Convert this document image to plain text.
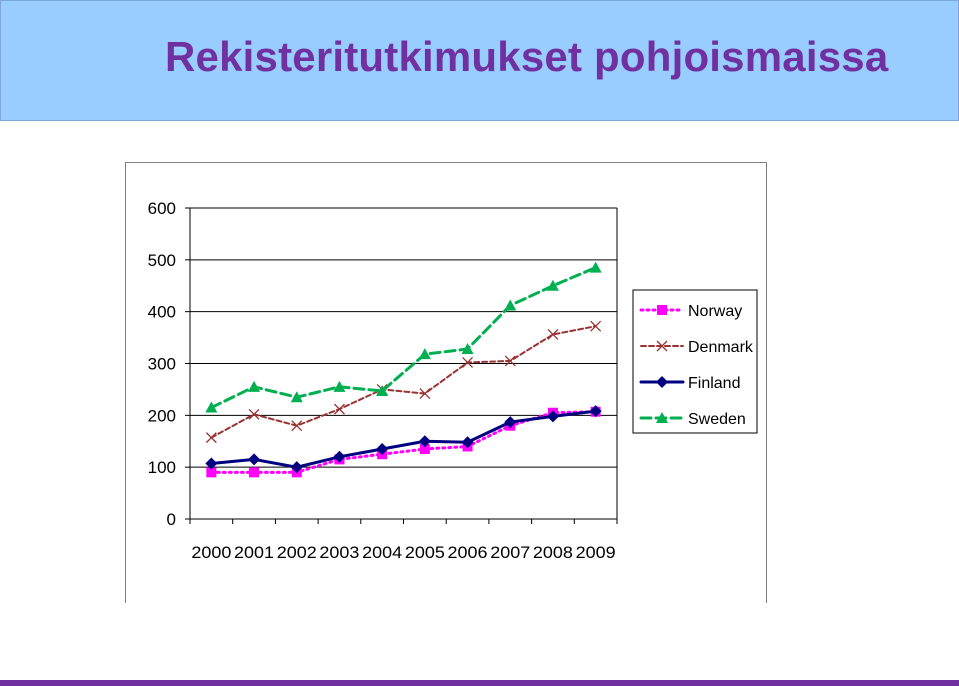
Rekisteritutkimukset pohjoismaissa
0
100
200
300
400
500
600
2000 2001 2002 2003 2004 2005 2006 2007 2008 2009
Norway
Denmark
Finland
Sweden
